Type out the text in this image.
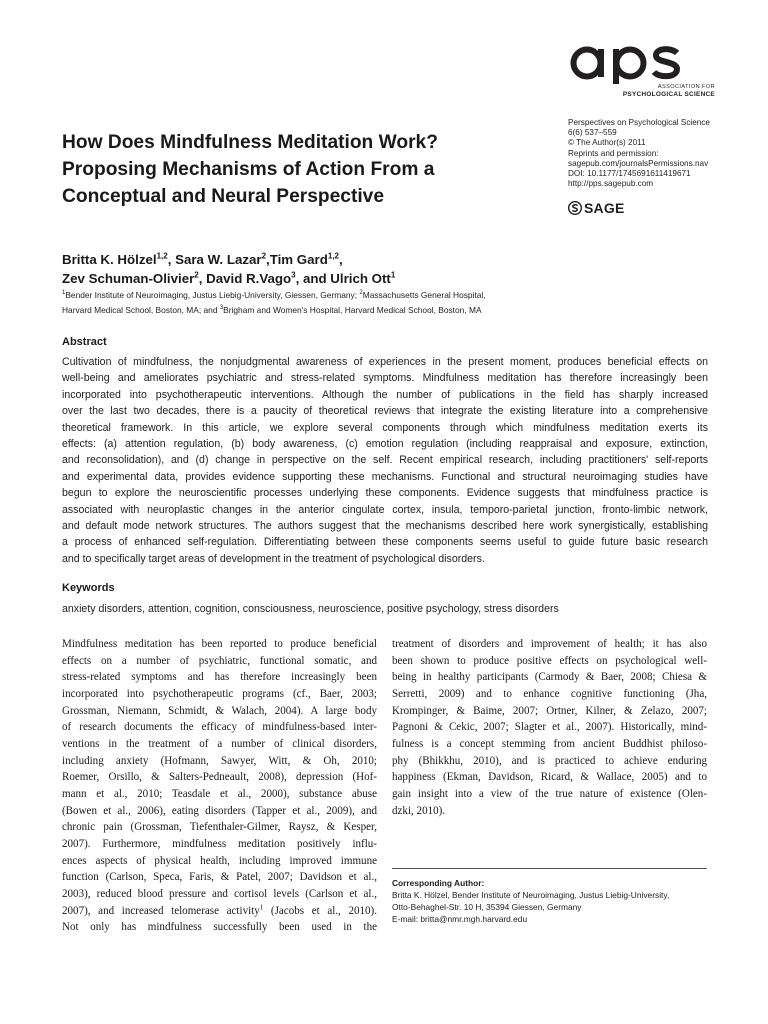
ASSOCIATION FOR
PSYCHOLOGICAL SCIENCE
Perspectives on Psychological Science
6(6) 537–559
© The Author(s) 2011
Reprints and permission:
sagepub.com/journalsPermissions.nav
DOI: 10.1177/1745691611419671
http://pps.sagepub.com
SAGE
How Does Mindfulness Meditation Work?
Proposing Mechanisms of Action From a
Conceptual and Neural Perspective
Britta K. Hölzel$^{1,2}$, Sara W. Lazar$^2$,Tim Gard$^{1,2}$,
Zev Schuman-Olivier$^2$, David R.Vago$^3$, and Ulrich Ott$^1$
$^1$Bender Institute of Neuroimaging, Justus Liebig-University, Giessen, Germany; $^2$Massachusetts General Hospital,
Harvard Medical School, Boston, MA; and $^3$Brigham and Women's Hospital, Harvard Medical School, Boston, MA
Abstract
Cultivation of mindfulness, the nonjudgmental awareness of experiences in the present moment, produces beneficial effects on
well-being and ameliorates psychiatric and stress-related symptoms. Mindfulness meditation has therefore increasingly been
incorporated into psychotherapeutic interventions. Although the number of publications in the field has sharply increased
over the last two decades, there is a paucity of theoretical reviews that integrate the existing literature into a comprehensive
theoretical framework. In this article, we explore several components through which mindfulness meditation exerts its
effects: (a) attention regulation, (b) body awareness, (c) emotion regulation (including reappraisal and exposure, extinction,
and reconsolidation), and (d) change in perspective on the self. Recent empirical research, including practitioners' self-reports
and experimental data, provides evidence supporting these mechanisms. Functional and structural neuroimaging studies have
begun to explore the neuroscientific processes underlying these components. Evidence suggests that mindfulness practice is
associated with neuroplastic changes in the anterior cingulate cortex, insula, temporo-parietal junction, fronto-limbic network,
and default mode network structures. The authors suggest that the mechanisms described here work synergistically, establishing
a process of enhanced self-regulation. Differentiating between these components seems useful to guide future basic research
and to specifically target areas of development in the treatment of psychological disorders.
Keywords
anxiety disorders, attention, cognition, consciousness, neuroscience, positive psychology, stress disorders
Mindfulness meditation has been reported to produce beneficial
effects on a number of psychiatric, functional somatic, and
stress-related symptoms and has therefore increasingly been
incorporated into psychotherapeutic programs (cf., Baer, 2003;
Grossman, Niemann, Schmidt, & Walach, 2004). A large body
of research documents the efficacy of mindfulness-based inter-
ventions in the treatment of a number of clinical disorders,
including anxiety (Hofmann, Sawyer, Witt, & Oh, 2010;
Roemer, Orsillo, & Salters-Pedneault, 2008), depression (Hof-
mann et al., 2010; Teasdale et al., 2000), substance abuse
(Bowen et al., 2006), eating disorders (Tapper et al., 2009), and
chronic pain (Grossman, Tiefenthaler-Gilmer, Raysz, & Kesper,
2007). Furthermore, mindfulness meditation positively influ-
ences aspects of physical health, including improved immune
function (Carlson, Speca, Faris, & Patel, 2007; Davidson et al.,
2003), reduced blood pressure and cortisol levels (Carlson et al.,
2007), and increased telomerase activity$^1$ (Jacobs et al., 2010).
Not only has mindfulness successfully been used in the
treatment of disorders and improvement of health; it has also
been shown to produce positive effects on psychological well-
being in healthy participants (Carmody & Baer, 2008; Chiesa &
Serretti, 2009) and to enhance cognitive functioning (Jha,
Krompinger, & Baime, 2007; Ortner, Kilner, & Zelazo, 2007;
Pagnoni & Cekic, 2007; Slagter et al., 2007). Historically, mind-
fulness is a concept stemming from ancient Buddhist philoso-
phy (Bhikkhu, 2010), and is practiced to achieve enduring
happiness (Ekman, Davidson, Ricard, & Wallace, 2005) and to
gain insight into a view of the true nature of existence (Olen-
dzki, 2010).
Corresponding Author:
Britta K. Hölzel, Bender Institute of Neuroimaging, Justus Liebig-University,
Otto-Behaghel-Str. 10 H, 35394 Giessen, Germany
E-mail: britta@nmr.mgh.harvard.edu
